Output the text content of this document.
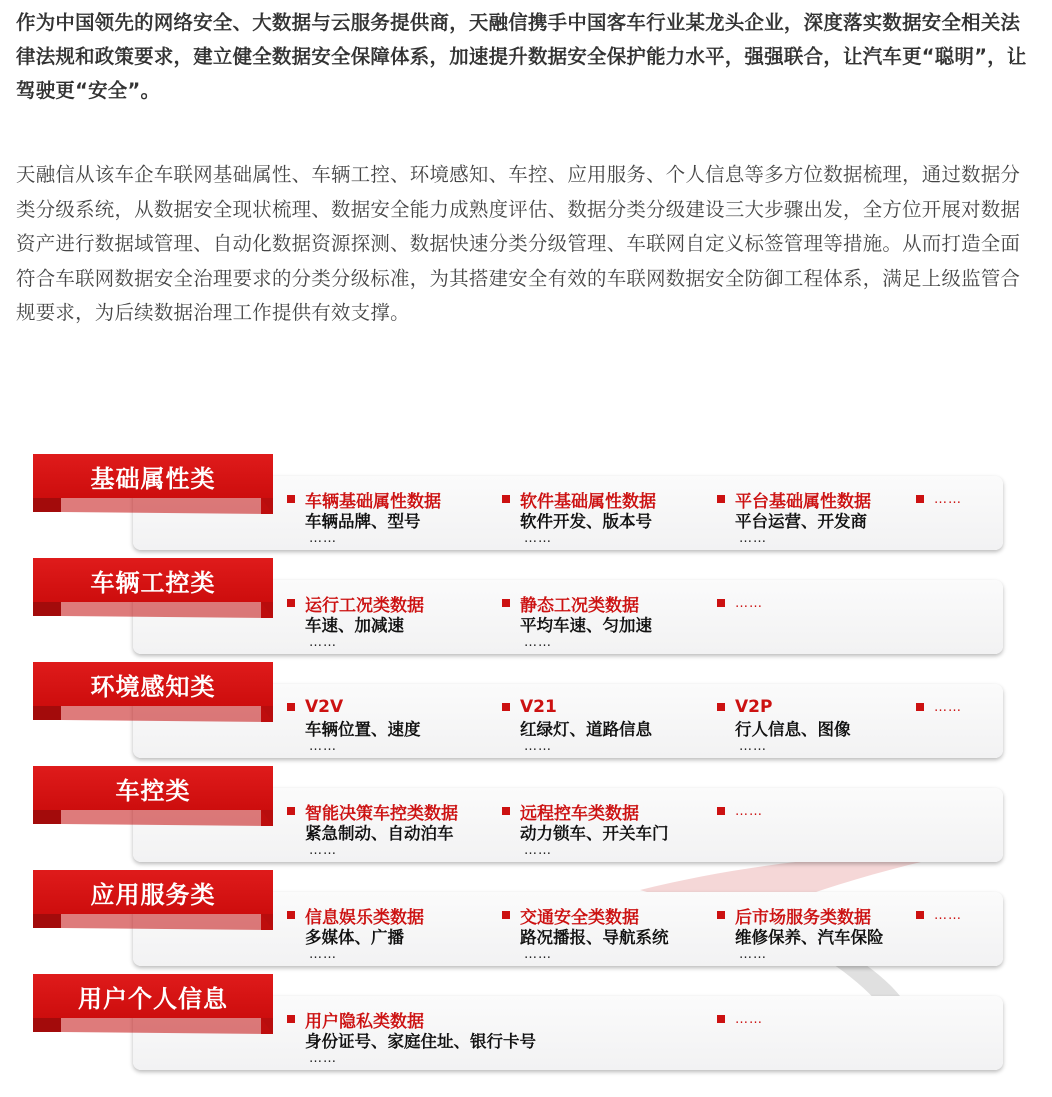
作为中国领先的网络安全、大数据与云服务提供商，天融信携手中国客车行业某龙头企业，深度落实数据安全相关法律法规和政策要求，建立健全数据安全保障体系，加速提升数据安全保护能力水平，强强联合，让汽车更“聪明”，让驾驶更“安全”。

天融信从该车企车联网基础属性、车辆工控、环境感知、车控、应用服务、个人信息等多方位数据梳理，通过数据分类分级系统，从数据安全现状梳理、数据安全能力成熟度评估、数据分类分级建设三大步骤出发，全方位开展对数据资产进行数据域管理、自动化数据资源探测、数据快速分类分级管理、车联网自定义标签管理等措施。从而打造全面符合车联网数据安全治理要求的分类分级标准，为其搭建安全有效的车联网数据安全防御工程体系，满足上级监管合规要求，为后续数据治理工作提供有效支撑。

基础属性类
车辆基础属性数据
车辆品牌、型号
……
软件基础属性数据
软件开发、版本号
……
平台基础属性数据
平台运营、开发商
……
……
车辆工控类
运行工况类数据
车速、加减速
……
静态工况类数据
平均车速、匀加速
……
……
环境感知类
V2V
车辆位置、速度
……
V21
红绿灯、道路信息
……
V2P
行人信息、图像
……
……
车控类
智能决策车控类数据
紧急制动、自动泊车
……
远程控车类数据
动力锁车、开关车门
……
……
应用服务类
信息娱乐类数据
多媒体、广播
……
交通安全类数据
路况播报、导航系统
……
后市场服务类数据
维修保养、汽车保险
……
……
用户个人信息
用户隐私类数据
身份证号、家庭住址、银行卡号
……
……
